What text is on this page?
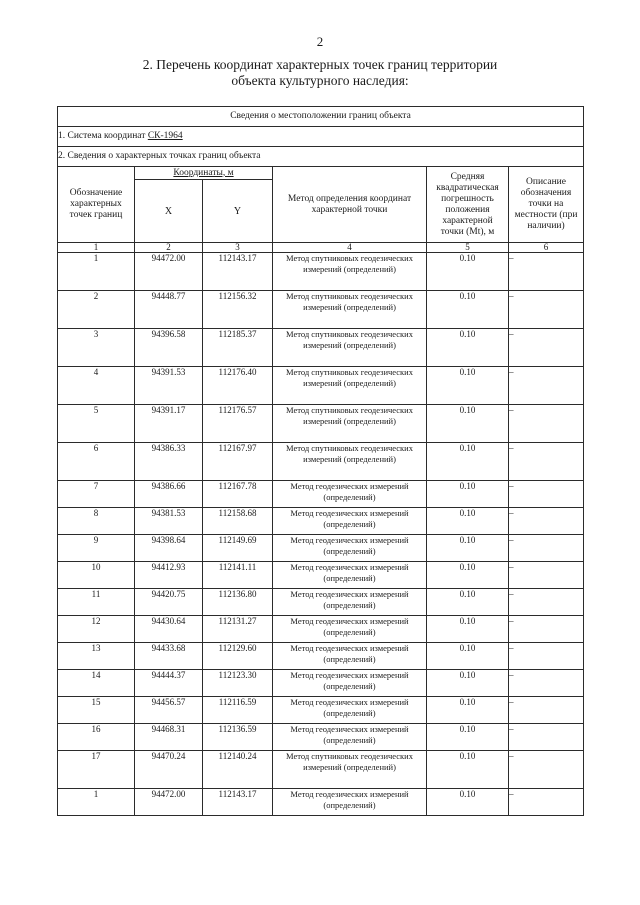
2
2. Перечень координат характерных точек границ территории
объекта культурного наследия:
Сведения о местоположении границ объекта					
1. Система координат СК-1964					
2. Сведения о характерных точках границ объекта					
Обозначение характерных точек границ	Координаты, м		Метод определения координат характерной точки	Средняя квадратическая погрешность положения характерной точки (Mt), м	Описание обозначения точки на местности (при наличии)
	X	Y			
1	2	3	4	5	6
1	94472.00	112143.17	Метод спутниковых геодезических измерений (определений)	0.10	–
2	94448.77	112156.32	Метод спутниковых геодезических измерений (определений)	0.10	–
3	94396.58	112185.37	Метод спутниковых геодезических измерений (определений)	0.10	–
4	94391.53	112176.40	Метод спутниковых геодезических измерений (определений)	0.10	–
5	94391.17	112176.57	Метод спутниковых геодезических измерений (определений)	0.10	–
6	94386.33	112167.97	Метод спутниковых геодезических измерений (определений)	0.10	–
7	94386.66	112167.78	Метод геодезических измерений (определений)	0.10	–
8	94381.53	112158.68	Метод геодезических измерений (определений)	0.10	–
9	94398.64	112149.69	Метод геодезических измерений (определений)	0.10	–
10	94412.93	112141.11	Метод геодезических измерений (определений)	0.10	–
11	94420.75	112136.80	Метод геодезических измерений (определений)	0.10	–
12	94430.64	112131.27	Метод геодезических измерений (определений)	0.10	–
13	94433.68	112129.60	Метод геодезических измерений (определений)	0.10	–
14	94444.37	112123.30	Метод геодезических измерений (определений)	0.10	–
15	94456.57	112116.59	Метод геодезических измерений (определений)	0.10	–
16	94468.31	112136.59	Метод геодезических измерений (определений)	0.10	–
17	94470.24	112140.24	Метод спутниковых геодезических измерений (определений)	0.10	–
1	94472.00	112143.17	Метод геодезических измерений (определений)	0.10	–
